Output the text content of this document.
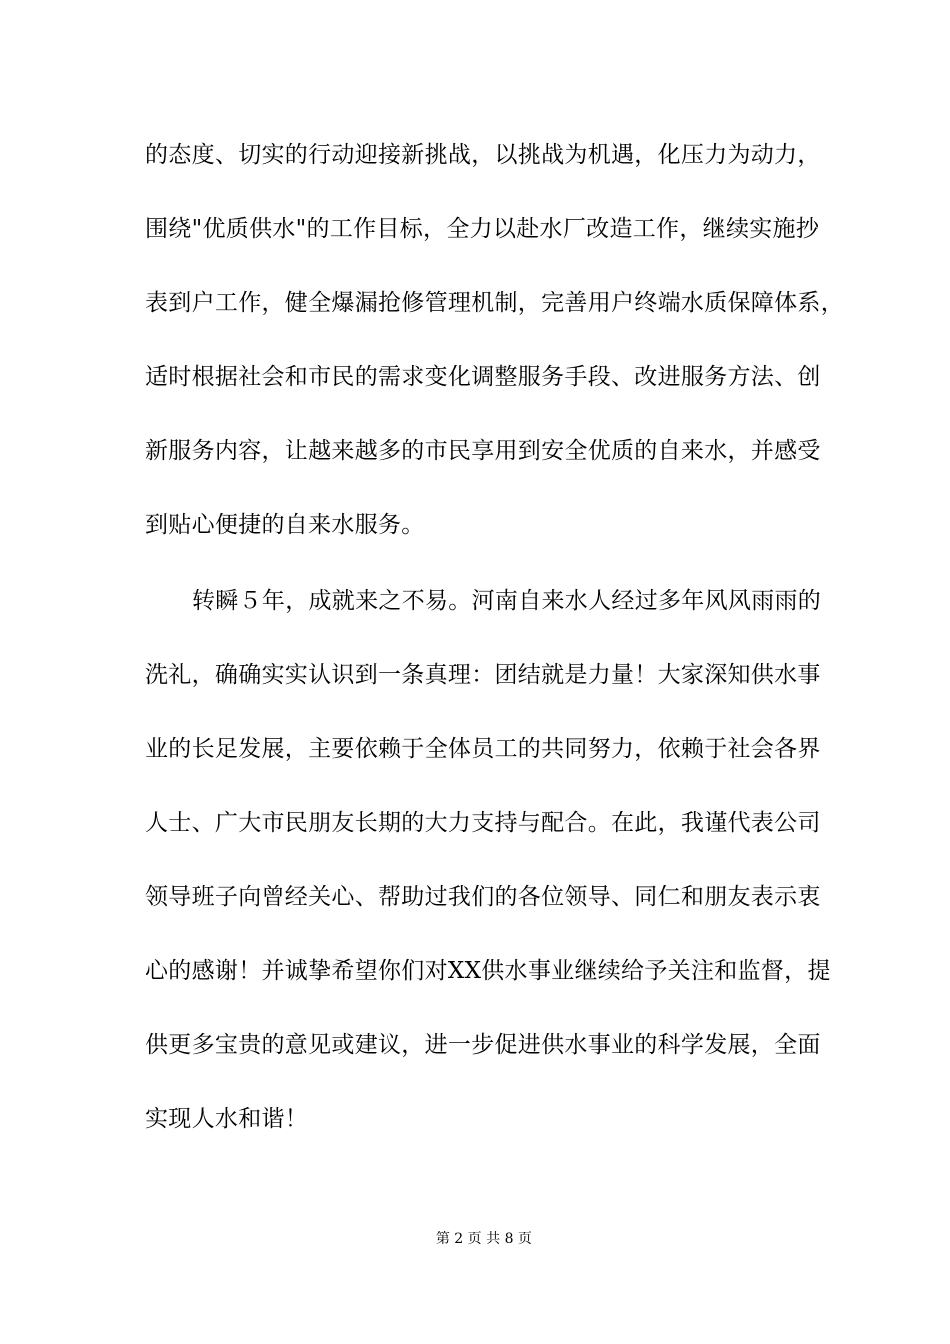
的态度、切实的行动迎接新挑战，以挑战为机遇，化压力为动力，
围绕"优质供水"的工作目标，全力以赴水厂改造工作，继续实施抄
表到户工作，健全爆漏抢修管理机制，完善用户终端水质保障体系，
适时根据社会和市民的需求变化调整服务手段、改进服务方法、创
新服务内容，让越来越多的市民享用到安全优质的自来水，并感受
到贴心便捷的自来水服务。
转瞬５年，成就来之不易。河南自来水人经过多年风风雨雨的
洗礼，确确实实认识到一条真理：团结就是力量！大家深知供水事
业的长足发展，主要依赖于全体员工的共同努力，依赖于社会各界
人士、广大市民朋友长期的大力支持与配合。在此，我谨代表公司
领导班子向曾经关心、帮助过我们的各位领导、同仁和朋友表示衷
心的感谢！并诚挚希望你们对XX供水事业继续给予关注和监督，提
供更多宝贵的意见或建议，进一步促进供水事业的科学发展，全面
实现人水和谐！

第 2 页 共 8 页
